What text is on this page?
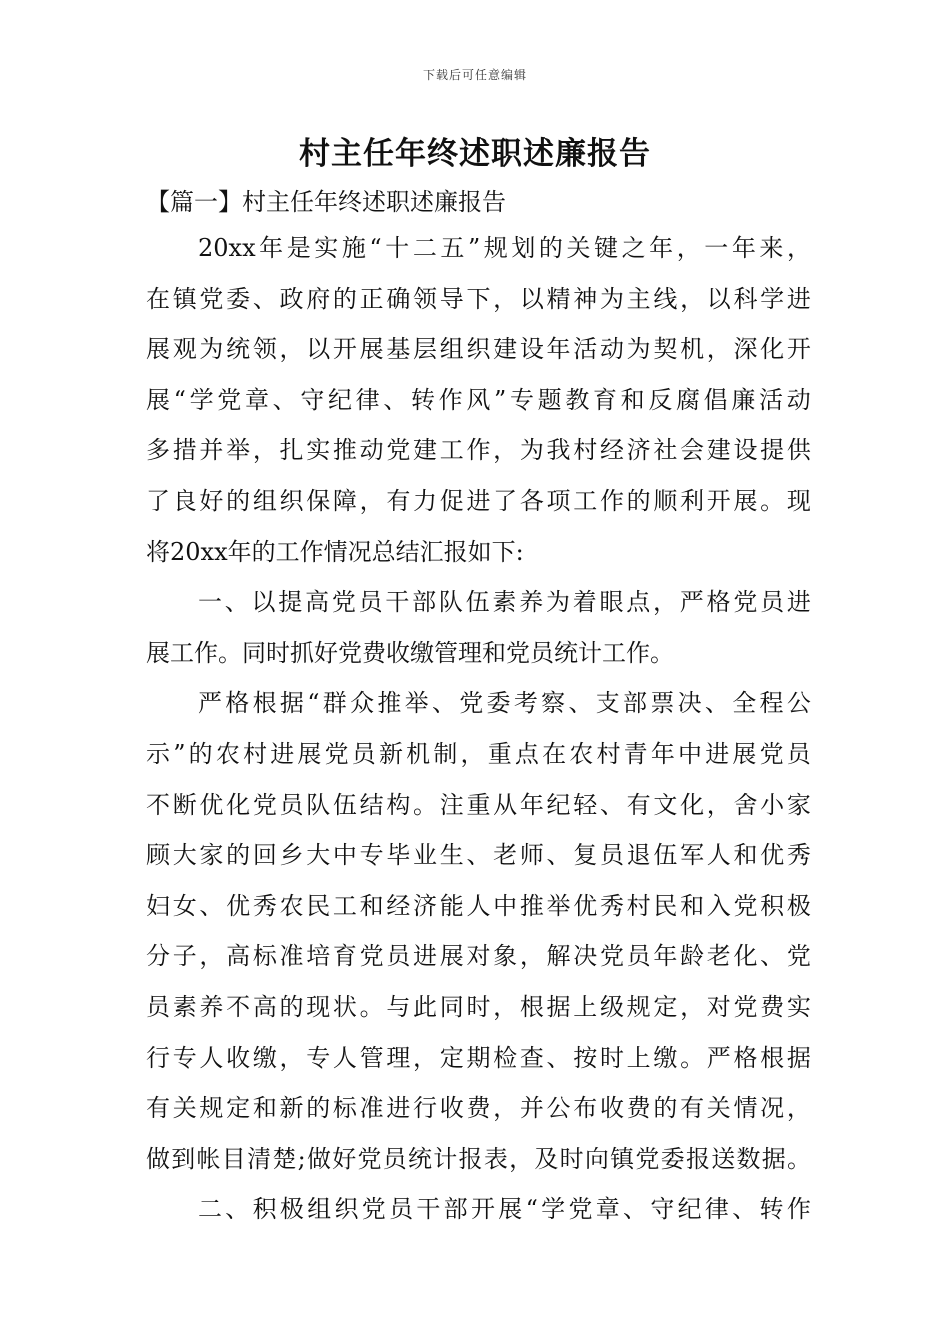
下载后可任意编辑
村主任年终述职述廉报告
【篇一】村主任年终述职述廉报告
20xx 年 是 实 施 “ 十 二 五 ” 规 划 的 关 键 之 年 ， 一 年 来 ，
在 镇 党 委 、 政 府 的 正 确 领 导 下 ， 以 精 神 为 主 线 ， 以 科 学 进
展 观 为 统 领 ， 以 开 展 基 层 组 织 建 设 年 活 动 为 契 机 ， 深 化 开
展 “ 学 党 章 、 守 纪 律 、 转 作 风 ” 专 题 教 育 和 反 腐 倡 廉 活 动
多 措 并 举 ， 扎 实 推 动 党 建 工 作 ， 为 我 村 经 济 社 会 建 设 提 供
了 良 好 的 组 织 保 障 ， 有 力 促 进 了 各 项 工 作 的 顺 利 开 展 。 现
将20xx年的工作情况总结汇报如下:
一 、 以 提 高 党 员 干 部 队 伍 素 养 为 着 眼 点 ， 严 格 党 员 进
展工作。同时抓好党费收缴管理和党员统计工作。
严 格 根 据 “ 群 众 推 举 、 党 委 考 察 、 支 部 票 决 、 全 程 公
示 ” 的 农 村 进 展 党 员 新 机 制 ， 重 点 在 农 村 青 年 中 进 展 党 员
不 断 优 化 党 员 队 伍 结 构 。 注 重 从 年 纪 轻 、 有 文 化 ， 舍 小 家
顾 大 家 的 回 乡 大 中 专 毕 业 生 、 老 师 、 复 员 退 伍 军 人 和 优 秀
妇 女 、 优 秀 农 民 工 和 经 济 能 人 中 推 举 优 秀 村 民 和 入 党 积 极
分 子 ， 高 标 准 培 育 党 员 进 展 对 象 ， 解 决 党 员 年 龄 老 化 、 党
员 素 养 不 高 的 现 状 。 与 此 同 时 ， 根 据 上 级 规 定 ， 对 党 费 实
行 专 人 收 缴 ， 专 人 管 理 ， 定 期 检 查 、 按 时 上 缴 。 严 格 根 据
有 关 规 定 和 新 的 标 准 进 行 收 费 ， 并 公 布 收 费 的 有 关 情 况 ，
做 到 帐 目 清 楚 ; 做 好 党 员 统 计 报 表 ， 及 时 向 镇 党 委 报 送 数 据 。
二 、 积 极 组 织 党 员 干 部 开 展 “ 学 党 章 、 守 纪 律 、 转 作
